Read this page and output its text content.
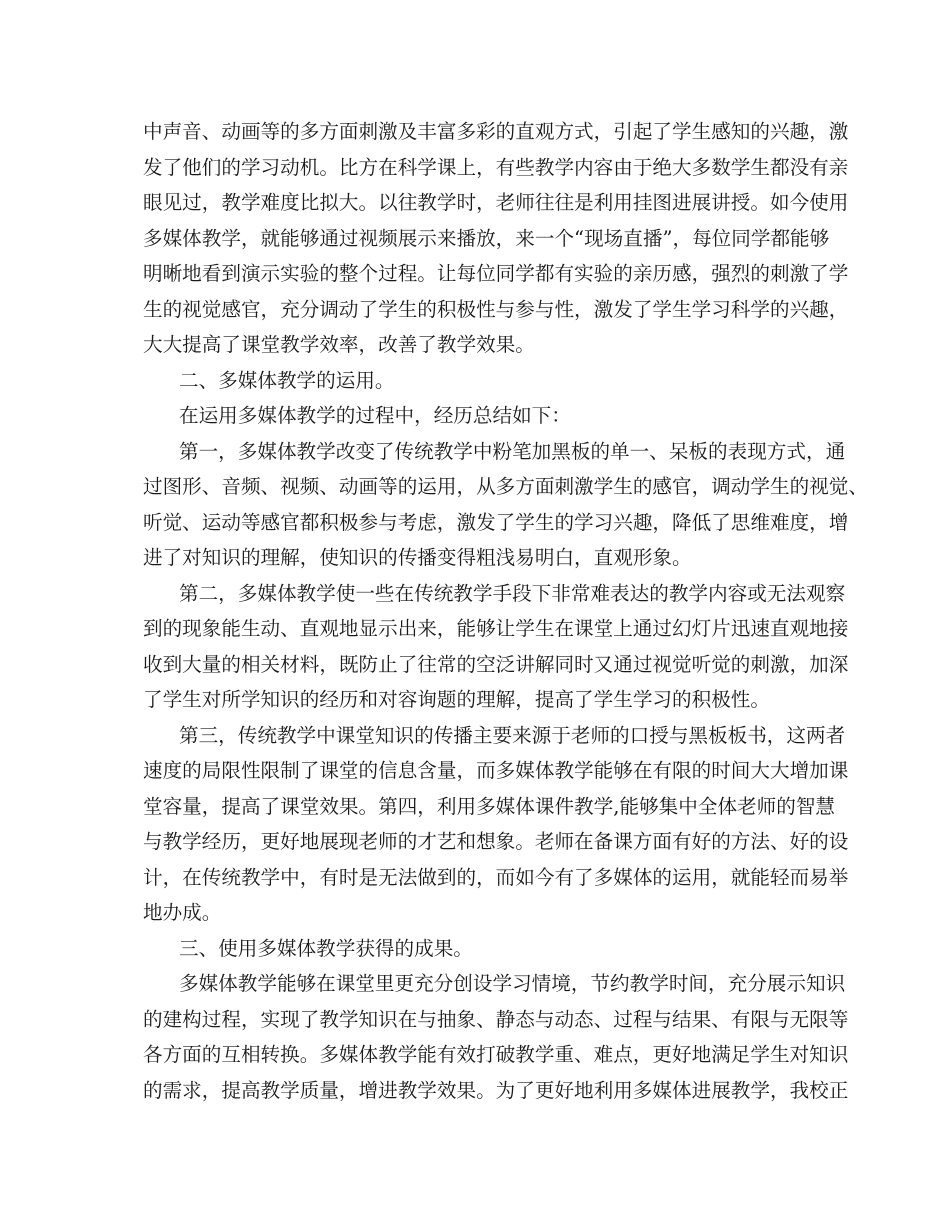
中声音、动画等的多方面刺激及丰富多彩的直观方式，引起了学生感知的兴趣，激
发了他们的学习动机。比方在科学课上，有些教学内容由于绝大多数学生都没有亲
眼见过，教学难度比拟大。以往教学时，老师往往是利用挂图进展讲授。如今使用
多媒体教学，就能够通过视频展示来播放，来一个“现场直播”，每位同学都能够
明晰地看到演示实验的整个过程。让每位同学都有实验的亲历感，强烈的刺激了学
生的视觉感官，充分调动了学生的积极性与参与性，激发了学生学习科学的兴趣，
大大提高了课堂教学效率，改善了教学效果。
二、多媒体教学的运用。
在运用多媒体教学的过程中，经历总结如下：
第一，多媒体教学改变了传统教学中粉笔加黑板的单一、呆板的表现方式，通
过图形、音频、视频、动画等的运用，从多方面刺激学生的感官，调动学生的视觉、
听觉、运动等感官都积极参与考虑，激发了学生的学习兴趣，降低了思维难度，增
进了对知识的理解，使知识的传播变得粗浅易明白，直观形象。
第二，多媒体教学使一些在传统教学手段下非常难表达的教学内容或无法观察
到的现象能生动、直观地显示出来，能够让学生在课堂上通过幻灯片迅速直观地接
收到大量的相关材料，既防止了往常的空泛讲解同时又通过视觉听觉的刺激，加深
了学生对所学知识的经历和对容询题的理解，提高了学生学习的积极性。
第三，传统教学中课堂知识的传播主要来源于老师的口授与黑板板书，这两者
速度的局限性限制了课堂的信息含量，而多媒体教学能够在有限的时间大大增加课
堂容量，提高了课堂效果。第四，利用多媒体课件教学,能够集中全体老师的智慧
与教学经历，更好地展现老师的才艺和想象。老师在备课方面有好的方法、好的设
计，在传统教学中，有时是无法做到的，而如今有了多媒体的运用，就能轻而易举
地办成。
三、使用多媒体教学获得的成果。
多媒体教学能够在课堂里更充分创设学习情境，节约教学时间，充分展示知识
的建构过程，实现了教学知识在与抽象、静态与动态、过程与结果、有限与无限等
各方面的互相转换。多媒体教学能有效打破教学重、难点，更好地满足学生对知识
的需求，提高教学质量，增进教学效果。为了更好地利用多媒体进展教学，我校正
